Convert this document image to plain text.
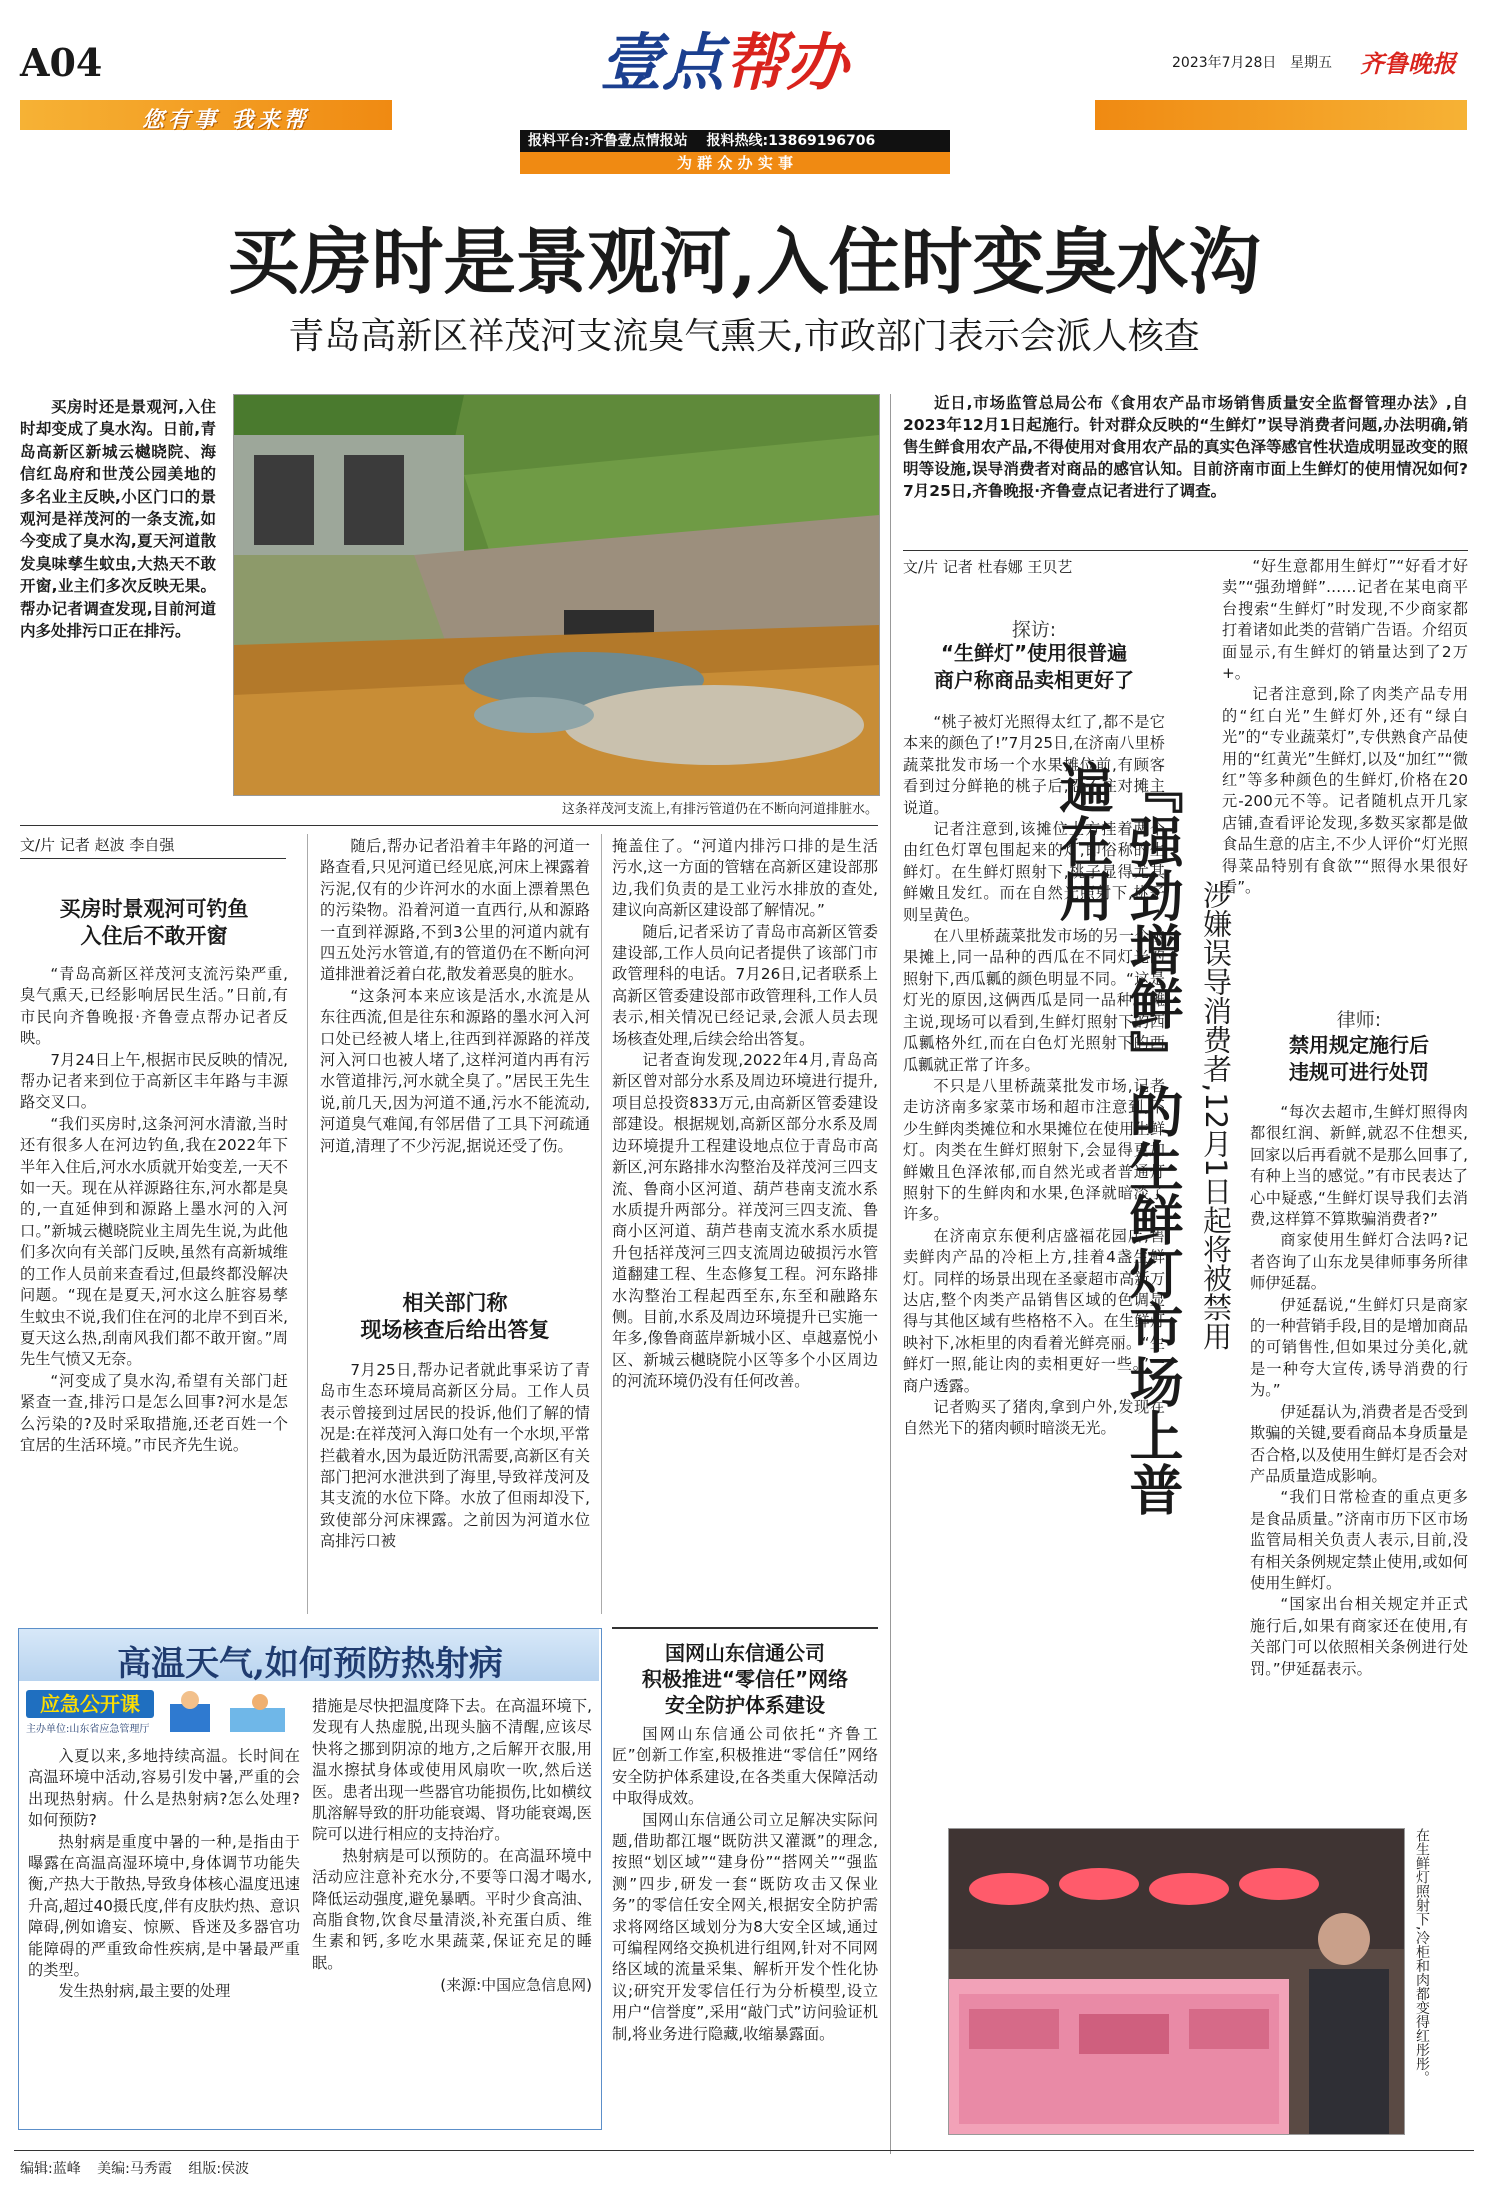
A04
您有事 我来帮
壹点帮办	2023年7月28日 星期五 齐鲁晚报
报料平台:齐鲁壹点情报站 报料热线:13869196706
为 群 众 办 实 事
买房时是景观河,入住时变臭水沟
青岛高新区祥茂河支流臭气熏天,市政部门表示会派人核查
买房时还是景观河,入住时却变成了臭水沟。日前,青岛高新区新城云樾晓院、海信红岛府和世茂公园美地的多名业主反映,小区门口的景观河是祥茂河的一条支流,如今变成了臭水沟,夏天河道散发臭味孳生蚊虫,大热天不敢开窗,业主们多次反映无果。帮办记者调查发现,目前河道内多处排污口正在排污。
这条祥茂河支流上,有排污管道仍在不断向河道排脏水。
文/片 记者 赵波 李自强
买房时景观河可钓鱼
入住后不敢开窗
“青岛高新区祥茂河支流污染严重,臭气熏天,已经影响居民生活。”日前,有市民向齐鲁晚报·齐鲁壹点帮办记者反映。
7月24日上午,根据市民反映的情况,帮办记者来到位于高新区丰年路与丰源路交叉口。
“我们买房时,这条河河水清澈,当时还有很多人在河边钓鱼,我在2022年下半年入住后,河水水质就开始变差,一天不如一天。现在从祥源路往东,河水都是臭的,一直延伸到和源路上墨水河的入河口。”新城云樾晓院业主周先生说,为此他们多次向有关部门反映,虽然有高新城维的工作人员前来查看过,但最终都没解决问题。“现在是夏天,河水这么脏容易孳生蚊虫不说,我们住在河的北岸不到百米,夏天这么热,刮南风我们都不敢开窗。”周先生气愤又无奈。
“河变成了臭水沟,希望有关部门赶紧查一查,排污口是怎么回事?河水是怎么污染的?及时采取措施,还老百姓一个宜居的生活环境。”市民齐先生说。
随后,帮办记者沿着丰年路的河道一路查看,只见河道已经见底,河床上裸露着污泥,仅有的少许河水的水面上漂着黑色的污染物。沿着河道一直西行,从和源路一直到祥源路,不到3公里的河道内就有四五处污水管道,有的管道仍在不断向河道排泄着泛着白花,散发着恶臭的脏水。
“这条河本来应该是活水,水流是从东往西流,但是往东和源路的墨水河入河口处已经被人堵上,往西到祥源路的祥茂河入河口也被人堵了,这样河道内再有污水管道排污,河水就全臭了。”居民王先生说,前几天,因为河道不通,污水不能流动,河道臭气难闻,有邻居借了工具下河疏通河道,清理了不少污泥,据说还受了伤。
相关部门称
现场核查后给出答复
7月25日,帮办记者就此事采访了青岛市生态环境局高新区分局。工作人员表示曾接到过居民的投诉,他们了解的情况是:在祥茂河入海口处有一个水坝,平常拦截着水,因为最近防汛需要,高新区有关部门把河水泄洪到了海里,导致祥茂河及其支流的水位下降。水放了但雨却没下,致使部分河床裸露。之前因为河道水位高排污口被
掩盖住了。“河道内排污口排的是生活污水,这一方面的管辖在高新区建设部那边,我们负责的是工业污水排放的查处,建议向高新区建设部了解情况。”
随后,记者采访了青岛市高新区管委建设部,工作人员向记者提供了该部门市政管理科的电话。7月26日,记者联系上高新区管委建设部市政管理科,工作人员表示,相关情况已经记录,会派人员去现场核查处理,后续会给出答复。
记者查询发现,2022年4月,青岛高新区曾对部分水系及周边环境进行提升,项目总投资833万元,由高新区管委建设部建设。根据规划,高新区部分水系及周边环境提升工程建设地点位于青岛市高新区,河东路排水沟整治及祥茂河三四支流、鲁商小区河道、葫芦巷南支流水系水质提升两部分。祥茂河三四支流、鲁商小区河道、葫芦巷南支流水系水质提升包括祥茂河三四支流周边破损污水管道翻建工程、生态修复工程。河东路排水沟整治工程起西至东,东至和融路东侧。目前,水系及周边环境提升已实施一年多,像鲁商蓝岸新城小区、卓越嘉悦小区、新城云樾晓院小区等多个小区周边的河流环境仍没有任何改善。
近日,市场监管总局公布《食用农产品市场销售质量安全监督管理办法》,自2023年12月1日起施行。针对群众反映的“生鲜灯”误导消费者问题,办法明确,销售生鲜食用农产品,不得使用对食用农产品的真实色泽等感官性状造成明显改变的照明等设施,误导消费者对商品的感官认知。目前济南市面上生鲜灯的使用情况如何?7月25日,齐鲁晚报·齐鲁壹点记者进行了调查。
文/片 记者 杜春娜 王贝艺
探访:
“生鲜灯”使用很普遍
商户称商品卖相更好了
“桃子被灯光照得太红了,都不是它本来的颜色了!”7月25日,在济南八里桥蔬菜批发市场一个水果摊位前,有顾客看到过分鲜艳的桃子后,忍不住对摊主说道。
记者注意到,该摊位上方挂着两个由红色灯罩包围起来的灯,即俗称的生鲜灯。在生鲜灯照射下,桃子显得尤其鲜嫩且发红。而在自然光照射下,桃子则呈黄色。
在八里桥蔬菜批发市场的另一个水果摊上,同一品种的西瓜在不同灯光的照射下,西瓜瓤的颜色明显不同。“这是灯光的原因,这俩西瓜是同一品种。”摊主说,现场可以看到,生鲜灯照射下的西瓜瓤格外红,而在白色灯光照射下的西瓜瓤就正常了许多。
不只是八里桥蔬菜批发市场,记者走访济南多家菜市场和超市注意到,不少生鲜肉类摊位和水果摊位在使用生鲜灯。肉类在生鲜灯照射下,会显得更加鲜嫩且色泽浓郁,而自然光或者普通灯照射下的生鲜肉和水果,色泽就暗淡了许多。
在济南京东便利店盛福花园店,售卖鲜肉产品的冷柜上方,挂着4盏生鲜灯。同样的场景出现在圣豪超市高新万达店,整个肉类产品销售区域的色调显得与其他区域有些格格不入。在生鲜灯映衬下,冰柜里的肉看着光鲜亮丽。“生鲜灯一照,能让肉的卖相更好一些。”一商户透露。
记者购买了猪肉,拿到户外,发现在自然光下的猪肉顿时暗淡无光。 『强劲增鲜』的生鲜灯市场上普遍在用
涉嫌误导消费者,12月1日起将被禁用
“好生意都用生鲜灯”“好看才好卖”“强劲增鲜”……记者在某电商平台搜索“生鲜灯”时发现,不少商家都打着诸如此类的营销广告语。介绍页面显示,有生鲜灯的销量达到了2万+。
记者注意到,除了肉类产品专用的“红白光”生鲜灯外,还有“绿白光”的“专业蔬菜灯”,专供熟食产品使用的“红黄光”生鲜灯,以及“加红”“微红”等多种颜色的生鲜灯,价格在20元-200元不等。记者随机点开几家店铺,查看评论发现,多数买家都是做食品生意的店主,不少人评价“灯光照得菜品特别有食欲”“照得水果很好看”。
律师:
禁用规定施行后
违规可进行处罚
“每次去超市,生鲜灯照得肉都很红润、新鲜,就忍不住想买,回家以后再看就不是那么回事了,有种上当的感觉。”有市民表达了心中疑惑,“生鲜灯误导我们去消费,这样算不算欺骗消费者?”
商家使用生鲜灯合法吗?记者咨询了山东龙昊律师事务所律师伊延磊。
伊延磊说,“生鲜灯只是商家的一种营销手段,目的是增加商品的可销售性,但如果过分美化,就是一种夸大宣传,诱导消费的行为。”
伊延磊认为,消费者是否受到欺骗的关键,要看商品本身质量是否合格,以及使用生鲜灯是否会对产品质量造成影响。
“我们日常检查的重点更多是食品质量。”济南市历下区市场监管局相关负责人表示,目前,没有相关条例规定禁止使用,或如何使用生鲜灯。
“国家出台相关规定并正式施行后,如果有商家还在使用,有关部门可以依照相关条例进行处罚。”伊延磊表示。
在生鲜灯照射下,冷柜和肉都变得红彤彤。
高温天气,如何预防热射病
应急公开课
主办单位:山东省应急管理厅
入夏以来,多地持续高温。长时间在高温环境中活动,容易引发中暑,严重的会出现热射病。什么是热射病?怎么处理?如何预防?
热射病是重度中暑的一种,是指由于曝露在高温高湿环境中,身体调节功能失衡,产热大于散热,导致身体核心温度迅速升高,超过40摄氏度,伴有皮肤灼热、意识障碍,例如谵妄、惊厥、昏迷及多器官功能障碍的严重致命性疾病,是中暑最严重的类型。
发生热射病,最主要的处理
措施是尽快把温度降下去。在高温环境下,发现有人热虚脱,出现头脑不清醒,应该尽快将之挪到阴凉的地方,之后解开衣服,用温水擦拭身体或使用风扇吹一吹,然后送医。患者出现一些器官功能损伤,比如横纹肌溶解导致的肝功能衰竭、肾功能衰竭,医院可以进行相应的支持治疗。
热射病是可以预防的。在高温环境中活动应注意补充水分,不要等口渴才喝水,降低运动强度,避免暴晒。平时少食高油、高脂食物,饮食尽量清淡,补充蛋白质、维生素和钙,多吃水果蔬菜,保证充足的睡眠。
(来源:中国应急信息网)
国网山东信通公司
积极推进“零信任”网络
安全防护体系建设
国网山东信通公司依托“齐鲁工匠”创新工作室,积极推进“零信任”网络安全防护体系建设,在各类重大保障活动中取得成效。
国网山东信通公司立足解决实际问题,借助都江堰“既防洪又灌溉”的理念,按照“划区域”“建身份”“搭网关”“强监测”四步,研发一套“既防攻击又保业务”的零信任安全网关,根据安全防护需求将网络区域划分为8大安全区域,通过可编程网络交换机进行组网,针对不同网络区域的流量采集、解析开发个性化协议;研究开发零信任行为分析模型,设立用户“信誉度”,采用“敲门式”访问验证机制,将业务进行隐藏,收缩暴露面。
编辑:蓝峰 美编:马秀霞 组版:侯波
